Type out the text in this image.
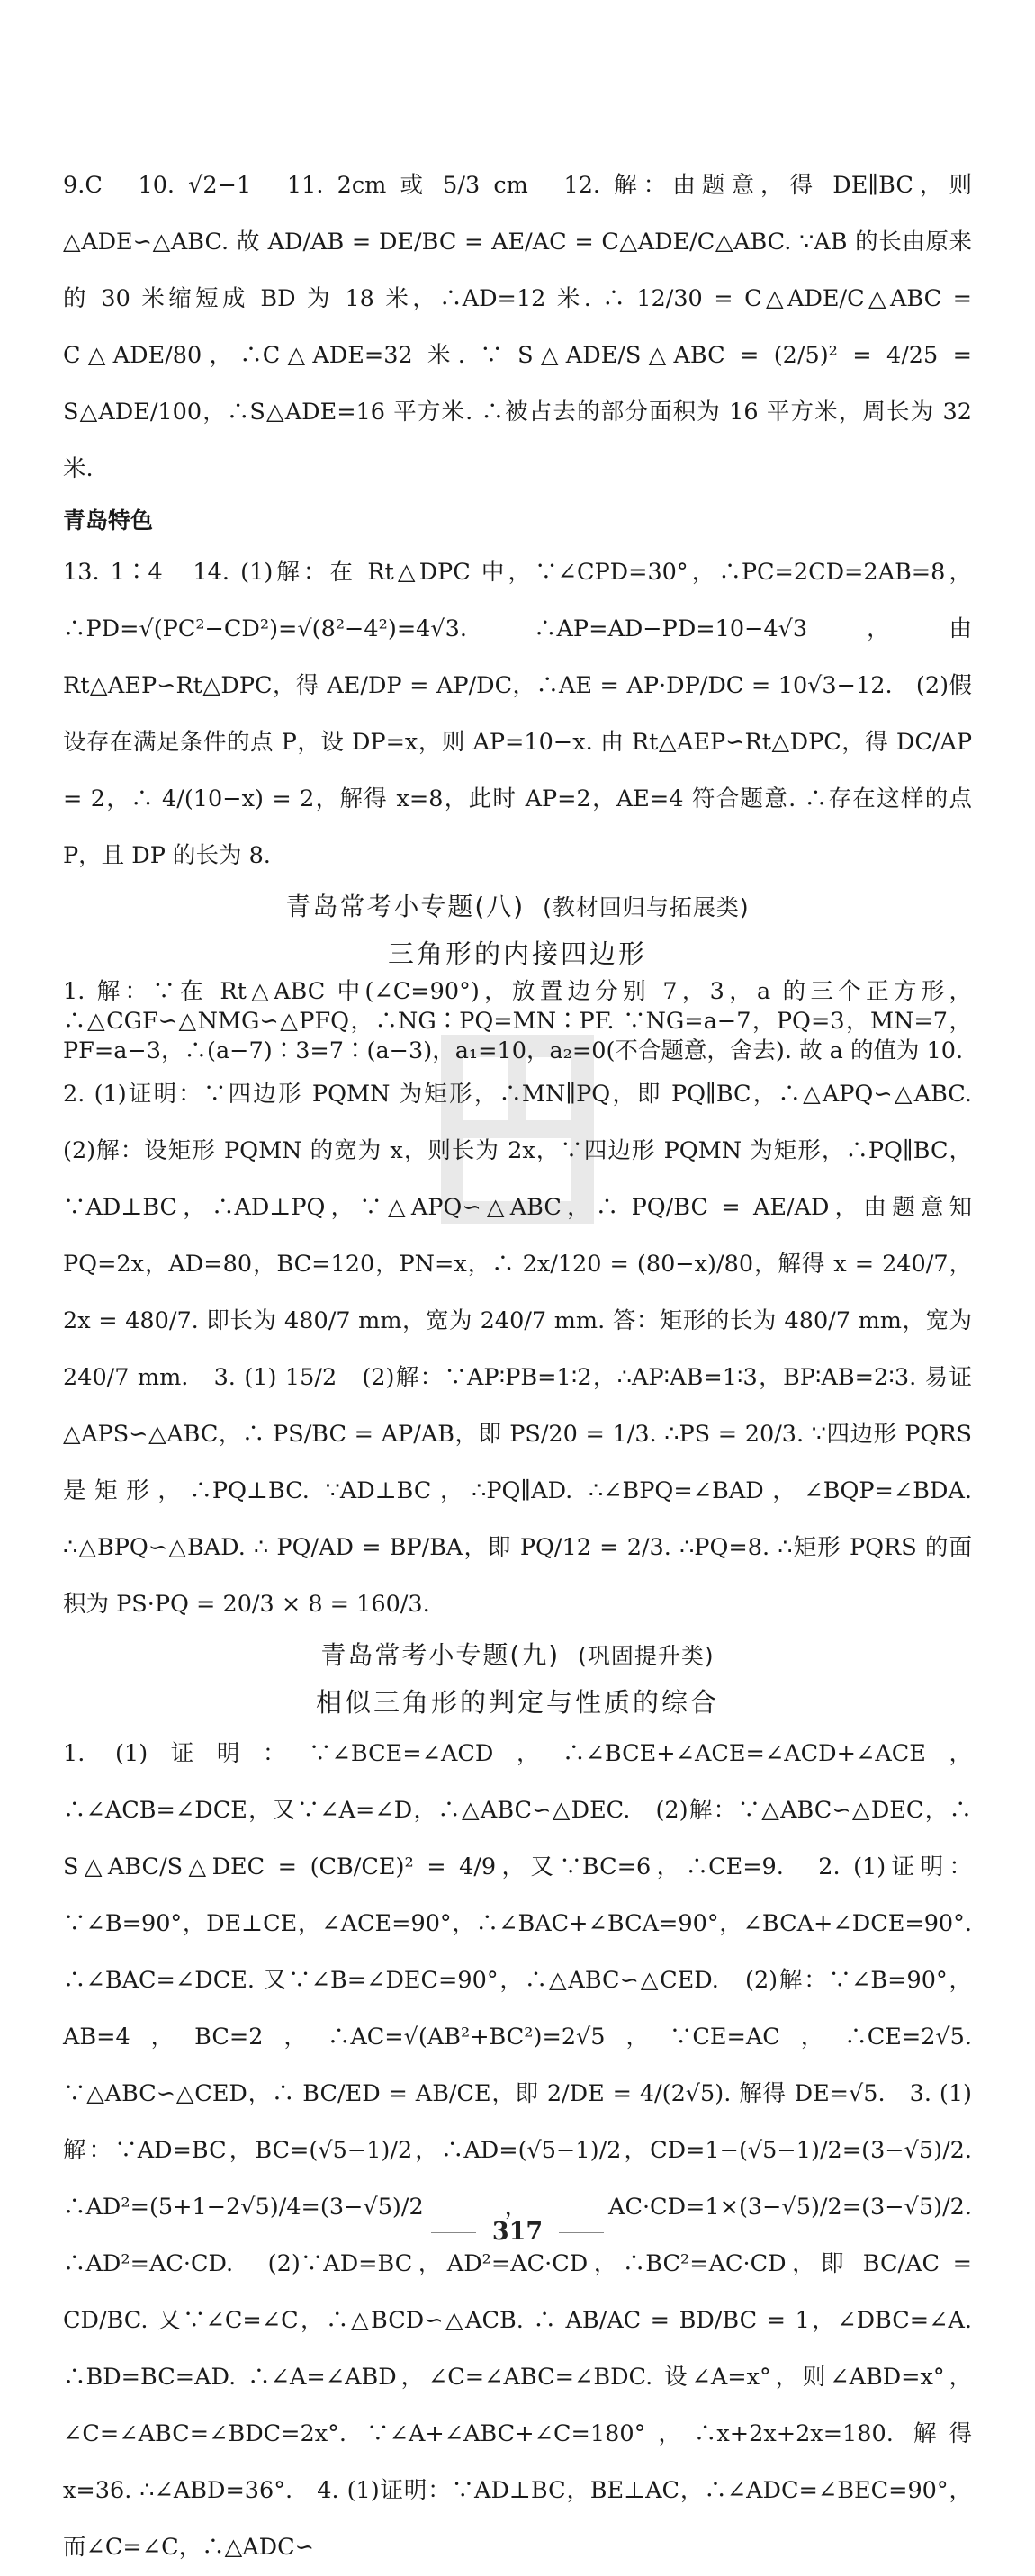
9.C　10. √2−1　11. 2cm 或 5/3 cm　12. 解：由题意，得 DE∥BC，则△ADE∽△ABC. 故 AD/AB = DE/BC = AE/AC = C△ADE/C△ABC. ∵AB 的长由原来的 30 米缩短成 BD 为 18 米，∴AD=12 米. ∴ 12/30 = C△ADE/C△ABC = C△ADE/80，∴C△ADE=32 米. ∵ S△ADE/S△ABC = (2/5)² = 4/25 = S△ADE/100，∴S△ADE=16 平方米. ∴被占去的部分面积为 16 平方米，周长为 32 米.

青岛特色

13. 1∶4　14. (1)解：在 Rt△DPC 中，∵∠CPD=30°，∴PC=2CD=2AB=8，∴PD=√(PC²−CD²)=√(8²−4²)=4√3. ∴AP=AD−PD=10−4√3，由 Rt△AEP∽Rt△DPC，得 AE/DP = AP/DC，∴AE = AP·DP/DC = 10√3−12.　(2)假设存在满足条件的点 P，设 DP=x，则 AP=10−x. 由 Rt△AEP∽Rt△DPC，得 DC/AP = 2，∴ 4/(10−x) = 2，解得 x=8，此时 AP=2，AE=4 符合题意. ∴存在这样的点 P，且 DP 的长为 8.

青岛常考小专题(八) (教材回归与拓展类)

三角形的内接四边形

1. 解：∵在 Rt△ABC 中(∠C=90°)，放置边分别 7，3，a 的三个正方形，∴△CGF∽△NMG∽△PFQ，∴NG∶PQ=MN∶PF. ∵NG=a−7，PQ=3，MN=7，PF=a−3，∴(a−7)∶3=7∶(a−3)，a₁=10，a₂=0(不合题意，舍去). 故 a 的值为 10.

2. (1)证明：∵四边形 PQMN 为矩形，∴MN∥PQ，即 PQ∥BC，∴△APQ∽△ABC.　(2)解：设矩形 PQMN 的宽为 x，则长为 2x，∵四边形 PQMN 为矩形，∴PQ∥BC，∵AD⊥BC，∴AD⊥PQ，∵△APQ∽△ABC，∴ PQ/BC = AE/AD，由题意知 PQ=2x，AD=80，BC=120，PN=x，∴ 2x/120 = (80−x)/80，解得 x = 240/7，2x = 480/7. 即长为 480/7 mm，宽为 240/7 mm. 答：矩形的长为 480/7 mm，宽为 240/7 mm.　3. (1) 15/2　(2)解：∵AP∶PB=1∶2，∴AP∶AB=1∶3，BP∶AB=2∶3. 易证△APS∽△ABC，∴ PS/BC = AP/AB，即 PS/20 = 1/3. ∴PS = 20/3. ∵四边形 PQRS 是矩形，∴PQ⊥BC. ∵AD⊥BC，∴PQ∥AD. ∴∠BPQ=∠BAD，∠BQP=∠BDA. ∴△BPQ∽△BAD. ∴ PQ/AD = BP/BA，即 PQ/12 = 2/3. ∴PQ=8. ∴矩形 PQRS 的面积为 PS·PQ = 20/3 × 8 = 160/3.

青岛常考小专题(九) (巩固提升类)

相似三角形的判定与性质的综合

1. (1)证明：∵∠BCE=∠ACD，∴∠BCE+∠ACE=∠ACD+∠ACE，∴∠ACB=∠DCE，又∵∠A=∠D，∴△ABC∽△DEC.　(2)解：∵△ABC∽△DEC，∴ S△ABC/S△DEC = (CB/CE)² = 4/9，又∵BC=6，∴CE=9.　2. (1)证明：∵∠B=90°，DE⊥CE，∠ACE=90°，∴∠BAC+∠BCA=90°，∠BCA+∠DCE=90°. ∴∠BAC=∠DCE. 又∵∠B=∠DEC=90°，∴△ABC∽△CED.　(2)解：∵∠B=90°，AB=4，BC=2，∴AC=√(AB²+BC²)=2√5，∵CE=AC，∴CE=2√5. ∵△ABC∽△CED，∴ BC/ED = AB/CE，即 2/DE = 4/(2√5). 解得 DE=√5.　3. (1)解：∵AD=BC，BC=(√5−1)/2，∴AD=(√5−1)/2，CD=1−(√5−1)/2=(3−√5)/2. ∴AD²=(5+1−2√5)/4=(3−√5)/2，AC·CD=1×(3−√5)/2=(3−√5)/2. ∴AD²=AC·CD.　(2)∵AD=BC，AD²=AC·CD，∴BC²=AC·CD，即 BC/AC = CD/BC. 又∵∠C=∠C，∴△BCD∽△ACB. ∴ AB/AC = BD/BC = 1，∠DBC=∠A. ∴BD=BC=AD. ∴∠A=∠ABD，∠C=∠ABC=∠BDC. 设∠A=x°，则∠ABD=x°，∠C=∠ABC=∠BDC=2x°. ∵∠A+∠ABC+∠C=180°，∴x+2x+2x=180. 解得 x=36. ∴∠ABD=36°.　4. (1)证明：∵AD⊥BC，BE⊥AC，∴∠ADC=∠BEC=90°，而∠C=∠C，∴△ADC∽

317
